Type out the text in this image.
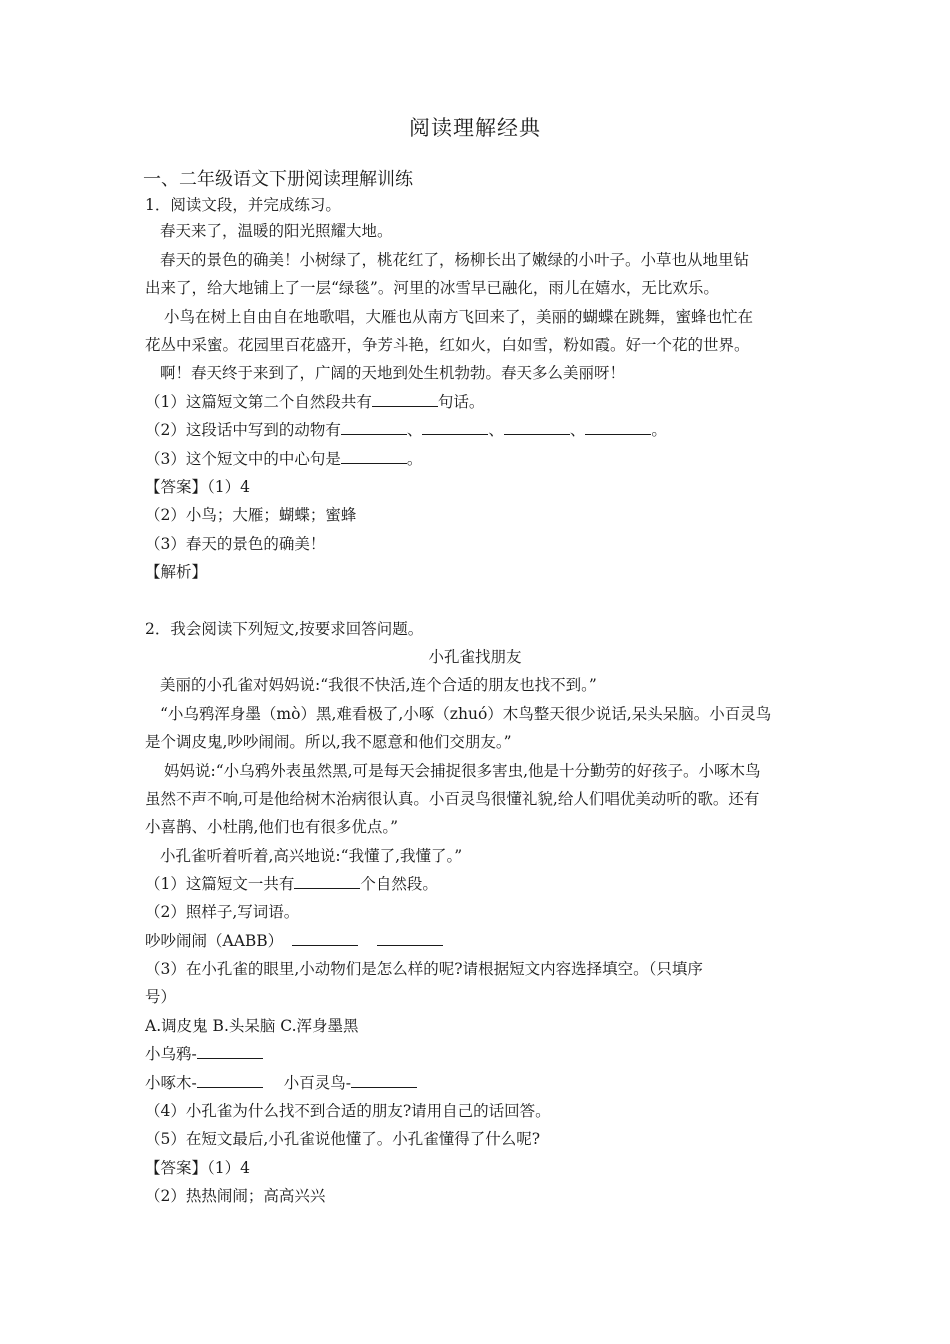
阅读理解经典
一、二年级语文下册阅读理解训练
1．阅读文段，并完成练习。
春天来了，温暖的阳光照耀大地。
春天的景色的确美！小树绿了，桃花红了，杨柳长出了嫩绿的小叶子。小草也从地里钻
出来了，给大地铺上了一层“绿毯”。河里的冰雪早已融化，雨儿在嬉水，无比欢乐。
小鸟在树上自由自在地歌唱，大雁也从南方飞回来了，美丽的蝴蝶在跳舞，蜜蜂也忙在
花丛中采蜜。花园里百花盛开，争芳斗艳，红如火，白如雪，粉如霞。好一个花的世界。
啊！春天终于来到了，广阔的天地到处生机勃勃。春天多么美丽呀！
（1）这篇短文第二个自然段共有	句话。
（2）这段话中写到的动物有	、	、	、	。
（3）这个短文中的中心句是	。
【答案】（1）4
（2）小鸟；大雁；蝴蝶；蜜蜂
（3）春天的景色的确美！
【解析】
2．我会阅读下列短文,按要求回答问题。
小孔雀找朋友
美丽的小孔雀对妈妈说:“我很不快活,连个合适的朋友也找不到。”
“小乌鸦浑身墨（mò）黑,难看极了,小啄（zhuó）木鸟整天很少说话,呆头呆脑。小百灵鸟
是个调皮鬼,吵吵闹闹。所以,我不愿意和他们交朋友。”
妈妈说:“小乌鸦外表虽然黑,可是每天会捕捉很多害虫,他是十分勤劳的好孩子。小啄木鸟
虽然不声不响,可是他给树木治病很认真。小百灵鸟很懂礼貌,给人们唱优美动听的歌。还有
小喜鹊、小杜鹃,他们也有很多优点。”
小孔雀听着听着,高兴地说:“我懂了,我懂了。”
（1）这篇短文一共有	个自然段。
（2）照样子,写词语。
吵吵闹闹（AABB）
（3）在小孔雀的眼里,小动物们是怎么样的呢?请根据短文内容选择填空。（只填序
号）
A.调皮鬼 B.头呆脑 C.浑身墨黑
小乌鸦-
小啄木-	小百灵鸟-
（4）小孔雀为什么找不到合适的朋友?请用自己的话回答。
（5）在短文最后,小孔雀说他懂了。小孔雀懂得了什么呢?
【答案】（1）4
（2）热热闹闹；高高兴兴
